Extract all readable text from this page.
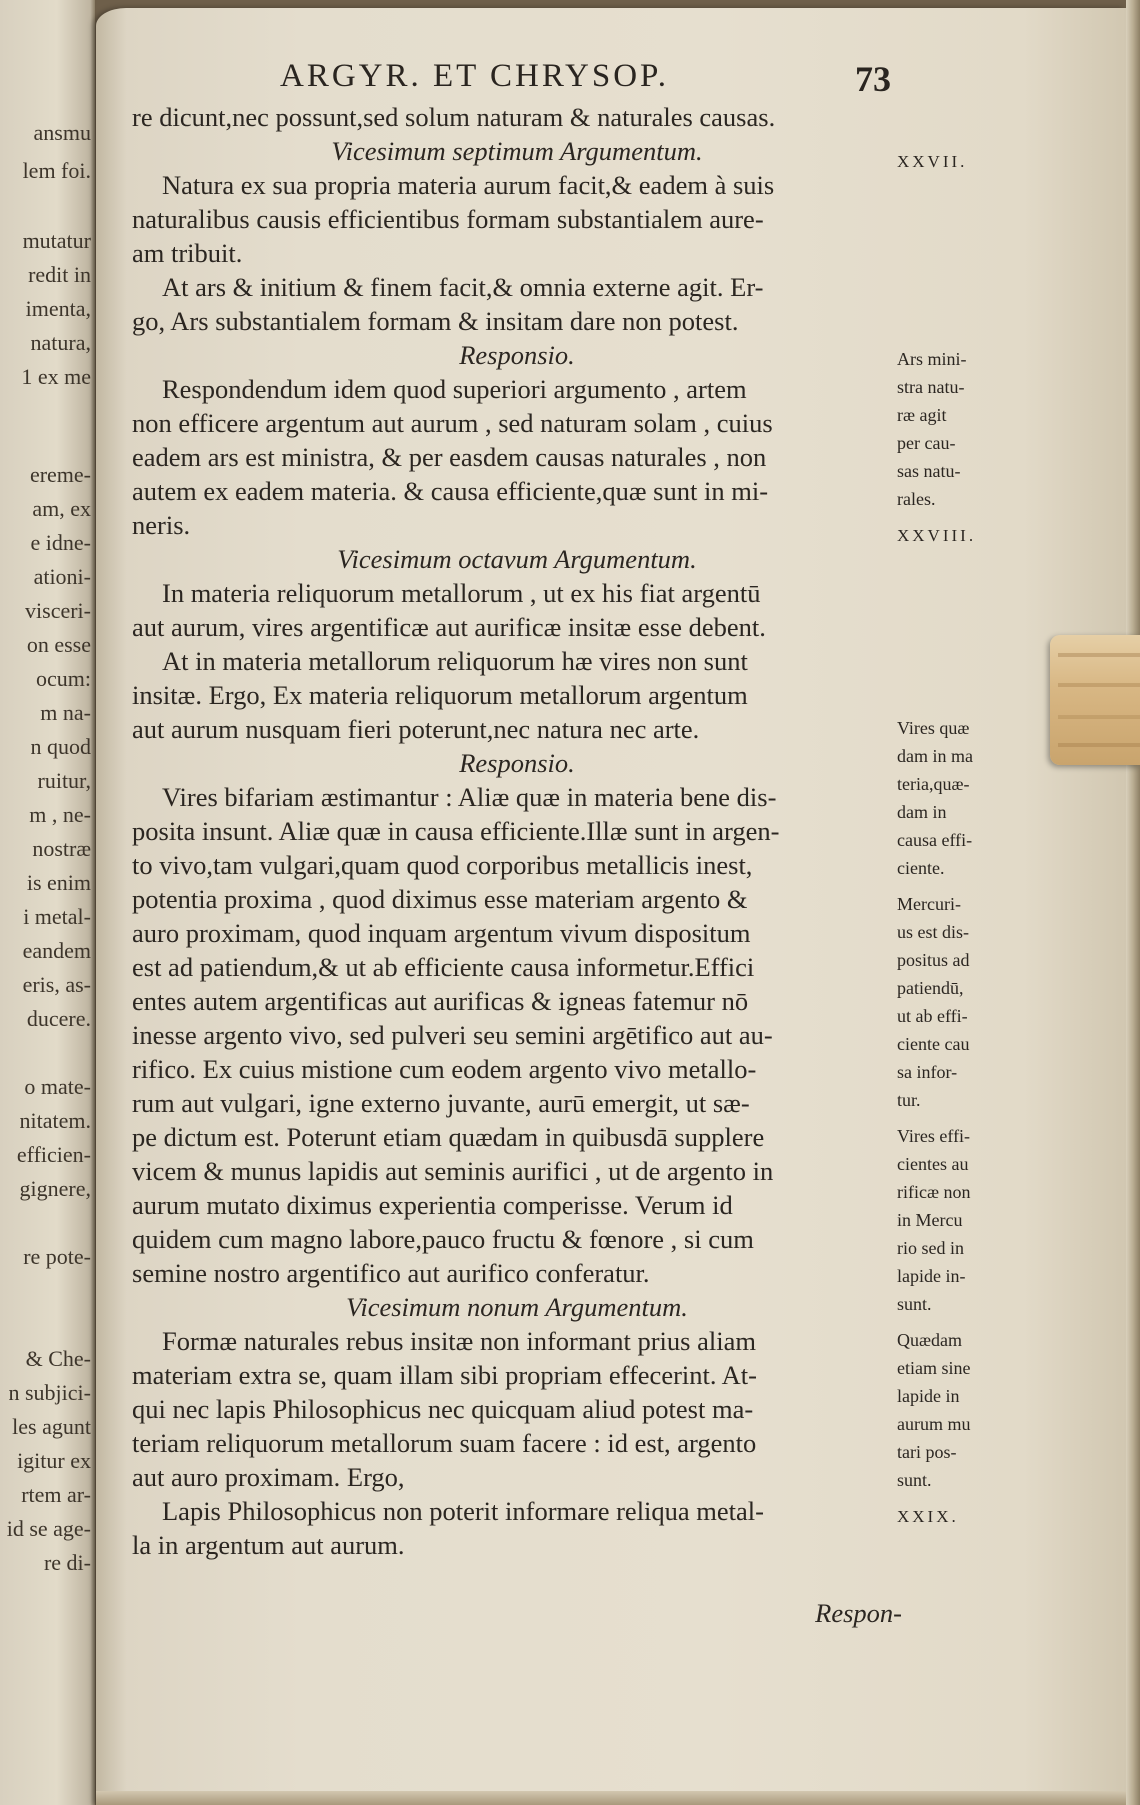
ansmu
lem foi.
mutatur
redit in
imenta,
natura,
1 ex me
ereme-
am, ex
e idne-
ationi-
visceri-
on esse
ocum:
m na-
n quod
ruitur,
m , ne-
nostræ
is enim
i metal-
eandem
eris, as-
ducere.
o mate-
nitatem.
efficien-
gignere,
re pote-
& Che-
n subjici-
les agunt
igitur ex
rtem ar-
id se age-
re di-
ARGYR. ET CHRYSOP.	73
re dicunt,nec possunt,sed solum naturam & naturales causas.
Vicesimum septimum Argumentum.
Natura ex sua propria materia aurum facit,& eadem à suis
naturalibus causis efficientibus formam substantialem aure-
am tribuit.
At ars & initium & finem facit,& omnia externe agit. Er-
go, Ars substantialem formam & insitam dare non potest.
Responsio.
Respondendum idem quod superiori argumento , artem
non efficere argentum aut aurum , sed naturam solam , cuius
eadem ars est ministra, & per easdem causas naturales , non
autem ex eadem materia. & causa efficiente,quæ sunt in mi-
neris.
Vicesimum octavum Argumentum.
In materia reliquorum metallorum , ut ex his fiat argentū
aut aurum, vires argentificæ aut aurificæ insitæ esse debent.
At in materia metallorum reliquorum hæ vires non sunt
insitæ. Ergo, Ex materia reliquorum metallorum argentum
aut aurum nusquam fieri poterunt,nec natura nec arte.
Responsio.
Vires bifariam æstimantur : Aliæ quæ in materia bene dis-
posita insunt. Aliæ quæ in causa efficiente.Illæ sunt in argen-
to vivo,tam vulgari,quam quod corporibus metallicis inest,
potentia proxima , quod diximus esse materiam argento &
auro proximam, quod inquam argentum vivum dispositum
est ad patiendum,& ut ab efficiente causa informetur.Effici
entes autem argentificas aut aurificas & igneas fatemur nō
inesse argento vivo, sed pulveri seu semini argētifico aut au-
rifico. Ex cuius mistione cum eodem argento vivo metallo-
rum aut vulgari, igne externo juvante, aurū emergit, ut sæ-
pe dictum est. Poterunt etiam quædam in quibusdā supplere
vicem & munus lapidis aut seminis aurifici , ut de argento in
aurum mutato diximus experientia comperisse. Verum id
quidem cum magno labore,pauco fructu & fœnore , si cum
semine nostro argentifico aut aurifico conferatur.
Vicesimum nonum Argumentum.
Formæ naturales rebus insitæ non informant prius aliam
materiam extra se, quam illam sibi propriam effecerint. At-
qui nec lapis Philosophicus nec quicquam aliud potest ma-
teriam reliquorum metallorum suam facere : id est, argento
aut auro proximam. Ergo,
Lapis Philosophicus non poterit informare reliqua metal-
la in argentum aut aurum.
Respon-
XXVII.
Ars mini-
stra natu-
ræ agit
per cau-
sas natu-
rales.
XXVIII.
Vires quæ
dam in ma
teria,quæ-
dam in
causa effi-
ciente.
Mercuri-
us est dis-
positus ad
patiendū,
ut ab effi-
ciente cau
sa infor-
tur.
Vires effi-
cientes au
rificæ non
in Mercu
rio sed in
lapide in-
sunt.
Quædam
etiam sine
lapide in
aurum mu
tari pos-
sunt.
XXIX.
